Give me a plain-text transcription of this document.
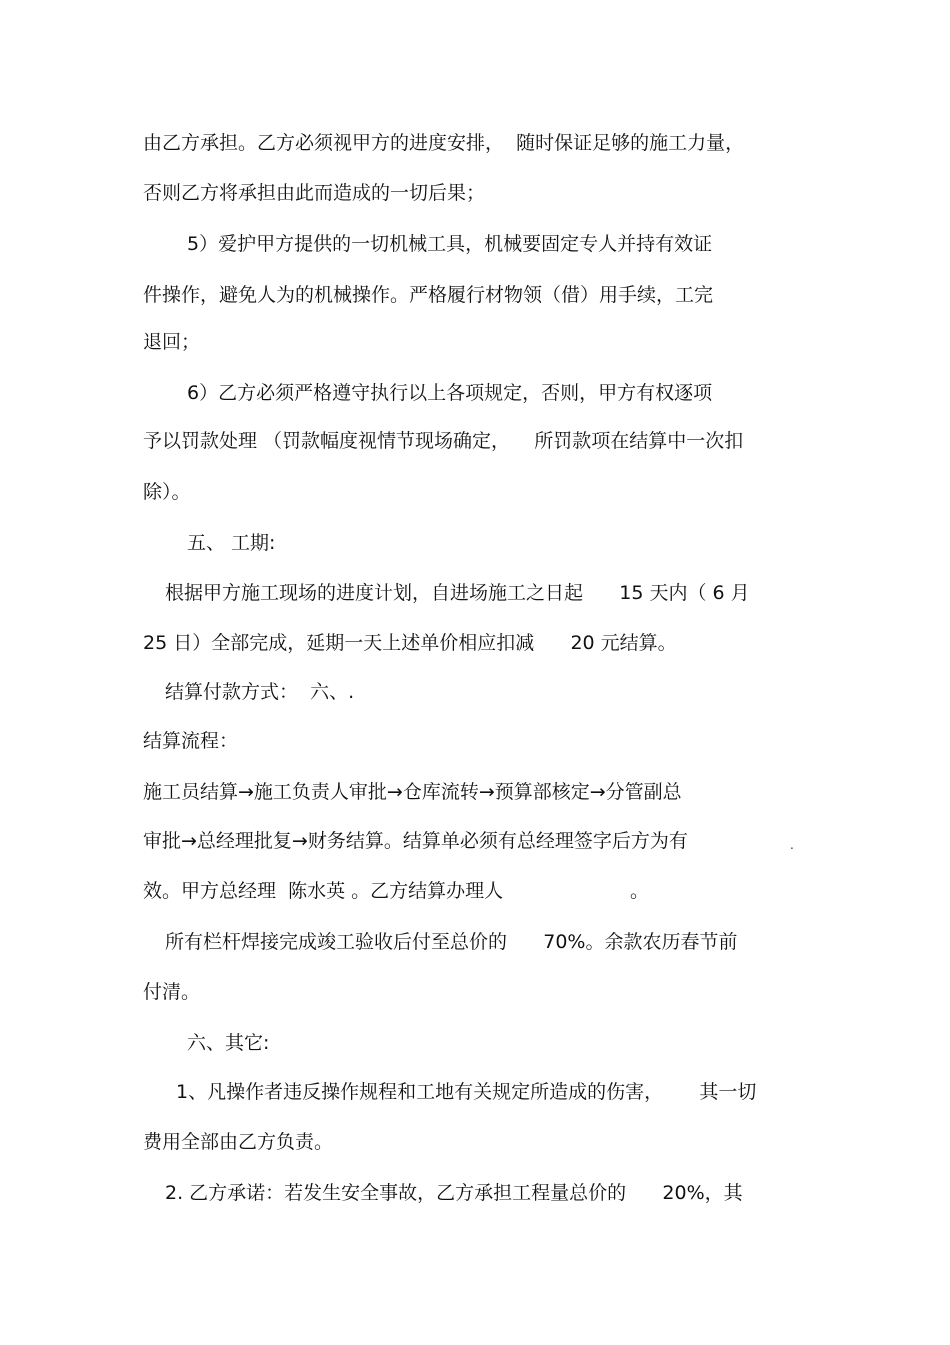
由乙方承担。乙方必须视甲方的进度安排，  随时保证足够的施工力量，
否则乙方将承担由此而造成的一切后果；
5）爱护甲方提供的一切机械工具，机械要固定专人并持有效证
件操作，避免人为的机械操作。严格履行材物领（借）用手续，工完
退回；
6）乙方必须严格遵守执行以上各项规定，否则，甲方有权逐项
予以罚款处理 （罚款幅度视情节现场确定，    所罚款项在结算中一次扣
除）。
五、 工期:
根据甲方施工现场的进度计划，自进场施工之日起      15 天内（ 6 月
25 日）全部完成，延期一天上述单价相应扣减      20 元结算。
结算付款方式：  六、.
结算流程：
施工员结算→施工负责人审批→仓库流转→预算部核定→分管副总
审批→总经理批复→财务结算。结算单必须有总经理签字后方为有	.
效。甲方总经理  陈水英 。乙方结算办理人                     。
所有栏杆焊接完成竣工验收后付至总价的      70%。余款农历春节前
付清。
六、其它:
1、凡操作者违反操作规程和工地有关规定所造成的伤害，      其一切
费用全部由乙方负责。
2. 乙方承诺：若发生安全事故，乙方承担工程量总价的      20%，其
